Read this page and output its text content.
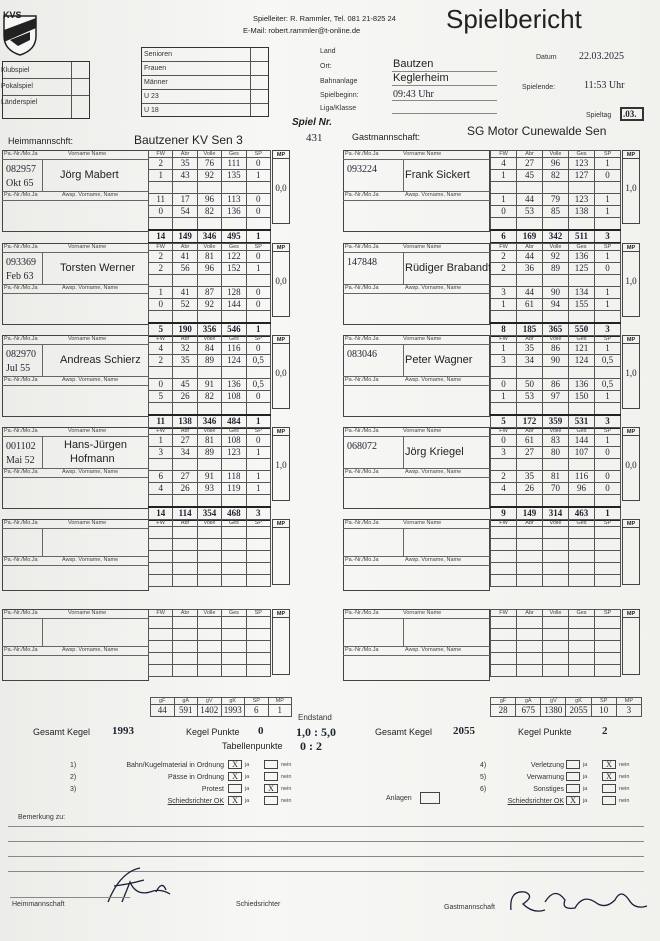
KVS	Spielleiter: R. Rammler, Tel. 081 21-825 24
E-Mail: robert.rammler@t-online.de	Spielbericht
Klubspiel
Pokalspiel
Länderspiel
Senioren
Frauen
Männer
U 23
U 18
Land
Ort:	Bautzen
Bahnanlage	Keglerheim
Spielbeginn:	09:43 Uhr
Liga/Klasse
Datum 22.03.2025
Spielende:	11:53 Uhr
Spieltag .03.
Spiel Nr.
431
Heimmannschft:	Bautzener KV Sen 3	Gastmannschaft:	SG Motor Cunewalde Sen
Pa.-Nr./Mo.Ja	Vorname Name
Pa.-Nr./Mo.Ja	Awsp. Vorname, Name
082957
Okt 65
Jörg Mabert
FW	Abr	Volle	Ges	SP
2	35	76	111	0
1	43	92	135	1

11	17	96	113	0
0	54	82	136	0

14	149	346	495	1
MP
0,0
Pa.-Nr./Mo.Ja	Vorname Name
Pa.-Nr./Mo.Ja	Awsp. Vorname, Name
093369
Feb 63
Torsten Werner
FW	Abr	Volle	Ges	SP
2	41	81	122	0
2	56	96	152	1

1	41	87	128	0
0	52	92	144	0

5	190	356	546	1
MP
0,0
Pa.-Nr./Mo.Ja	Vorname Name
Pa.-Nr./Mo.Ja	Awsp. Vorname, Name
082970
Jul 55
Andreas Schierz
FW	Abr	Volle	Ges	SP
4	32	84	116	0
2	35	89	124	0,5

0	45	91	136	0,5
5	26	82	108	0

11	138	346	484	1
MP
0,0
Pa.-Nr./Mo.Ja	Vorname Name
Pa.-Nr./Mo.Ja	Awsp. Vorname, Name
001102
Mai 52
Hans-Jürgen
Hofmann
FW	Abr	Volle	Ges	SP
1	27	81	108	0
3	34	89	123	1

6	27	91	118	1
4	26	93	119	1

14	114	354	468	3
MP
1,0
Pa.-Nr./Mo.Ja	Vorname Name
Pa.-Nr./Mo.Ja	Awsp. Vorname, Name
FW	Abr	Volle	Ges	SP

					MP
Pa.-Nr./Mo.Ja	Vorname Name
Pa.-Nr./Mo.Ja	Awsp. Vorname, Name
FW	Abr	Volle	Ges	SP

					MP
Pa.-Nr./Mo.Ja	Vorname Name
Pa.-Nr./Mo.Ja	Awsp. Vorname, Name
093224	Frank Sickert
FW	Abr	Volle	Ges	SP
4	27	96	123	1
1	45	82	127	0

1	44	79	123	1
0	53	85	138	1

6	169	342	511	3
MP
1,0
Pa.-Nr./Mo.Ja	Vorname Name
Pa.-Nr./Mo.Ja	Awsp. Vorname, Name
147848	Rüdiger Brabandt
FW	Abr	Volle	Ges	SP
2	44	92	136	1
2	36	89	125	0

3	44	90	134	1
1	61	94	155	1

8	185	365	550	3
MP
1,0
Pa.-Nr./Mo.Ja	Vorname Name
Pa.-Nr./Mo.Ja	Awsp. Vorname, Name
083046	Peter Wagner
FW	Abr	Volle	Ges	SP
1	35	86	121	1
3	34	90	124	0,5

0	50	86	136	0,5
1	53	97	150	1

5	172	359	531	3
MP
1,0
Pa.-Nr./Mo.Ja	Vorname Name
Pa.-Nr./Mo.Ja	Awsp. Vorname, Name
068072	Jörg Kriegel
FW	Abr	Volle	Ges	SP
0	61	83	144	1
3	27	80	107	0

2	35	81	116	0
4	26	70	96	0

9	149	314	463	1
MP
0,0
Pa.-Nr./Mo.Ja	Vorname Name
Pa.-Nr./Mo.Ja	Awsp. Vorname, Name
FW	Abr	Volle	Ges	SP

					MP
Pa.-Nr./Mo.Ja	Vorname Name
Pa.-Nr./Mo.Ja	Awsp. Vorname, Name
FW	Abr	Volle	Ges	SP

					MP
gF	gA	gV	gK	SP	MP
44	591	1402	1993	6	1
gF	gA	gV	gK	SP	MP
28	675	1380	2055	10	3
Endstand
Gesamt Kegel 1993	Kegel Punkte 0	1,0 : 5,0	Gesamt Kegel 2055	Kegel Punkte	2
Tabellenpunkte 0 : 2
1)	Bahn/Kugelmaterial in Ordnung	X	ja	nein
2)	Pässe in Ordnung	X	ja	nein
3)	Protest	ja	X	nein
Schiedsrichter OK	X	ja	nein
4)	Verletzung	ja	X	nein
5)	Verwarnung	ja	X	nein
6)	Sonstiges	ja	nein
Schiedsrichter OK X	ja	nein
Anlagen
Bemerkung zu:
Heimmannschaft	Schiedsrichter	Gastmannschaft
